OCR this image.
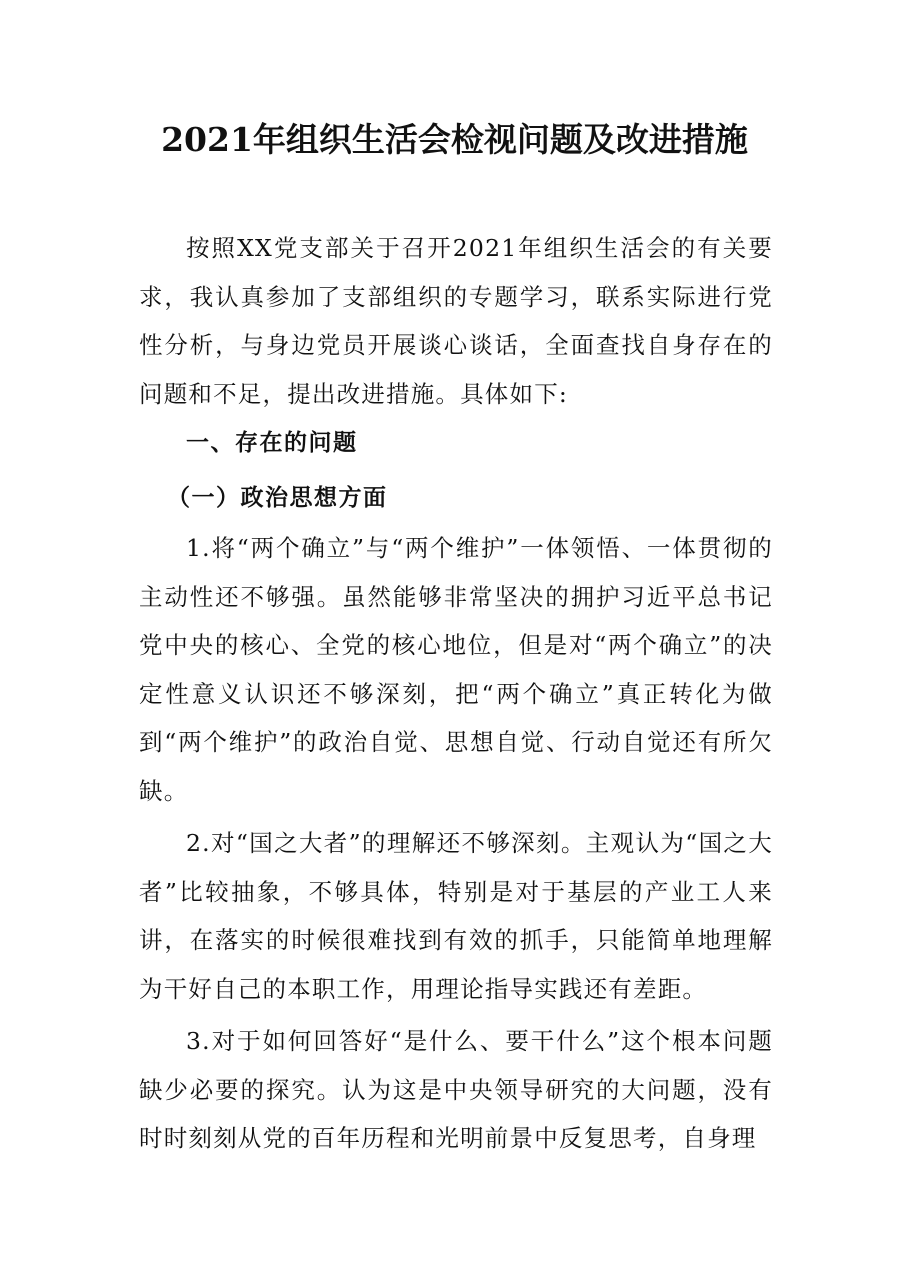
2021年组织生活会检视问题及改进措施

按照XX党支部关于召开2021年组织生活会的有关要求，我认真参加了支部组织的专题学习，联系实际进行党性分析，与身边党员开展谈心谈话，全面查找自身存在的问题和不足，提出改进措施。具体如下:

一、存在的问题

（一）政治思想方面

1.将“两个确立”与“两个维护”一体领悟、一体贯彻的主动性还不够强。虽然能够非常坚决的拥护习近平总书记党中央的核心、全党的核心地位，但是对“两个确立”的决定性意义认识还不够深刻，把“两个确立”真正转化为做到“两个维护”的政治自觉、思想自觉、行动自觉还有所欠缺。

2.对“国之大者”的理解还不够深刻。主观认为“国之大者”比较抽象，不够具体，特别是对于基层的产业工人来讲，在落实的时候很难找到有效的抓手，只能简单地理解为干好自己的本职工作，用理论指导实践还有差距。

3.对于如何回答好“是什么、要干什么”这个根本问题缺少必要的探究。认为这是中央领导研究的大问题，没有时时刻刻从党的百年历程和光明前景中反复思考，自身理
